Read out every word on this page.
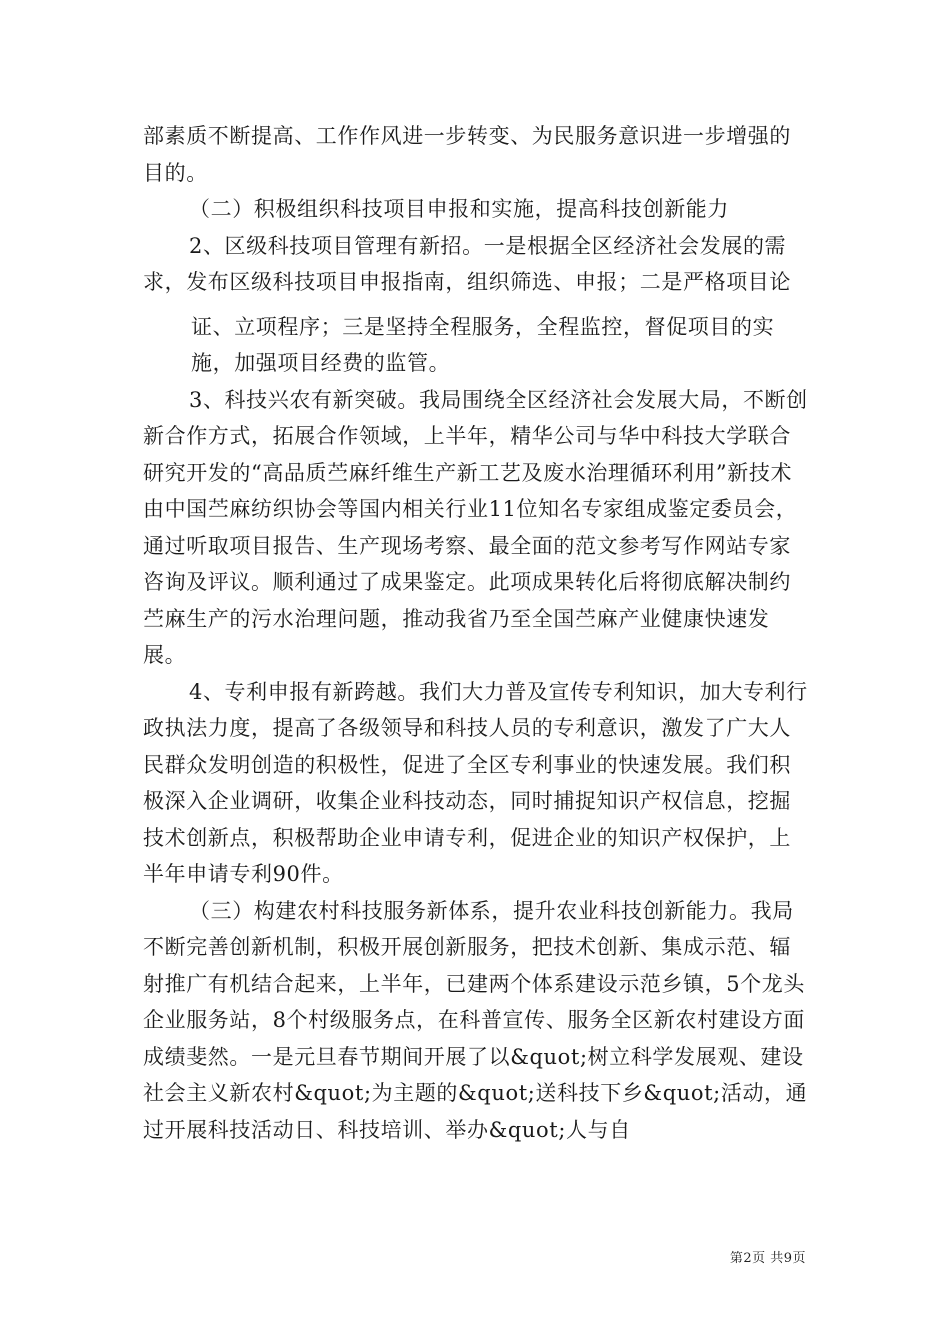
部素质不断提高、工作作风进一步转变、为民服务意识进一步增强的目的。

（二）积极组织科技项目申报和实施，提高科技创新能力

2、区级科技项目管理有新招。一是根据全区经济社会发展的需求，发布区级科技项目申报指南，组织筛选、申报；二是严格项目论

证、立项程序；三是坚持全程服务，全程监控，督促项目的实施，加强项目经费的监管。

3、科技兴农有新突破。我局围绕全区经济社会发展大局，不断创新合作方式，拓展合作领域，上半年，精华公司与华中科技大学联合研究开发的“高品质苎麻纤维生产新工艺及废水治理循环利用”新技术由中国苎麻纺织协会等国内相关行业11位知名专家组成鉴定委员会，通过听取项目报告、生产现场考察、最全面的范文参考写作网站专家咨询及评议。顺利通过了成果鉴定。此项成果转化后将彻底解决制约苎麻生产的污水治理问题，推动我省乃至全国苎麻产业健康快速发展。

4、专利申报有新跨越。我们大力普及宣传专利知识，加大专利行政执法力度，提高了各级领导和科技人员的专利意识，激发了广大人民群众发明创造的积极性，促进了全区专利事业的快速发展。我们积极深入企业调研，收集企业科技动态，同时捕捉知识产权信息，挖掘技术创新点，积极帮助企业申请专利，促进企业的知识产权保护，上半年申请专利90件。

（三）构建农村科技服务新体系，提升农业科技创新能力。我局不断完善创新机制，积极开展创新服务，把技术创新、集成示范、辐射推广有机结合起来，上半年，已建两个体系建设示范乡镇，5个龙头企业服务站，8个村级服务点，在科普宣传、服务全区新农村建设方面成绩斐然。一是元旦春节期间开展了以&quot;树立科学发展观、建设社会主义新农村&quot;为主题的&quot;送科技下乡&quot;活动，通过开展科技活动日、科技培训、举办&quot;人与自

第2页 共9页
